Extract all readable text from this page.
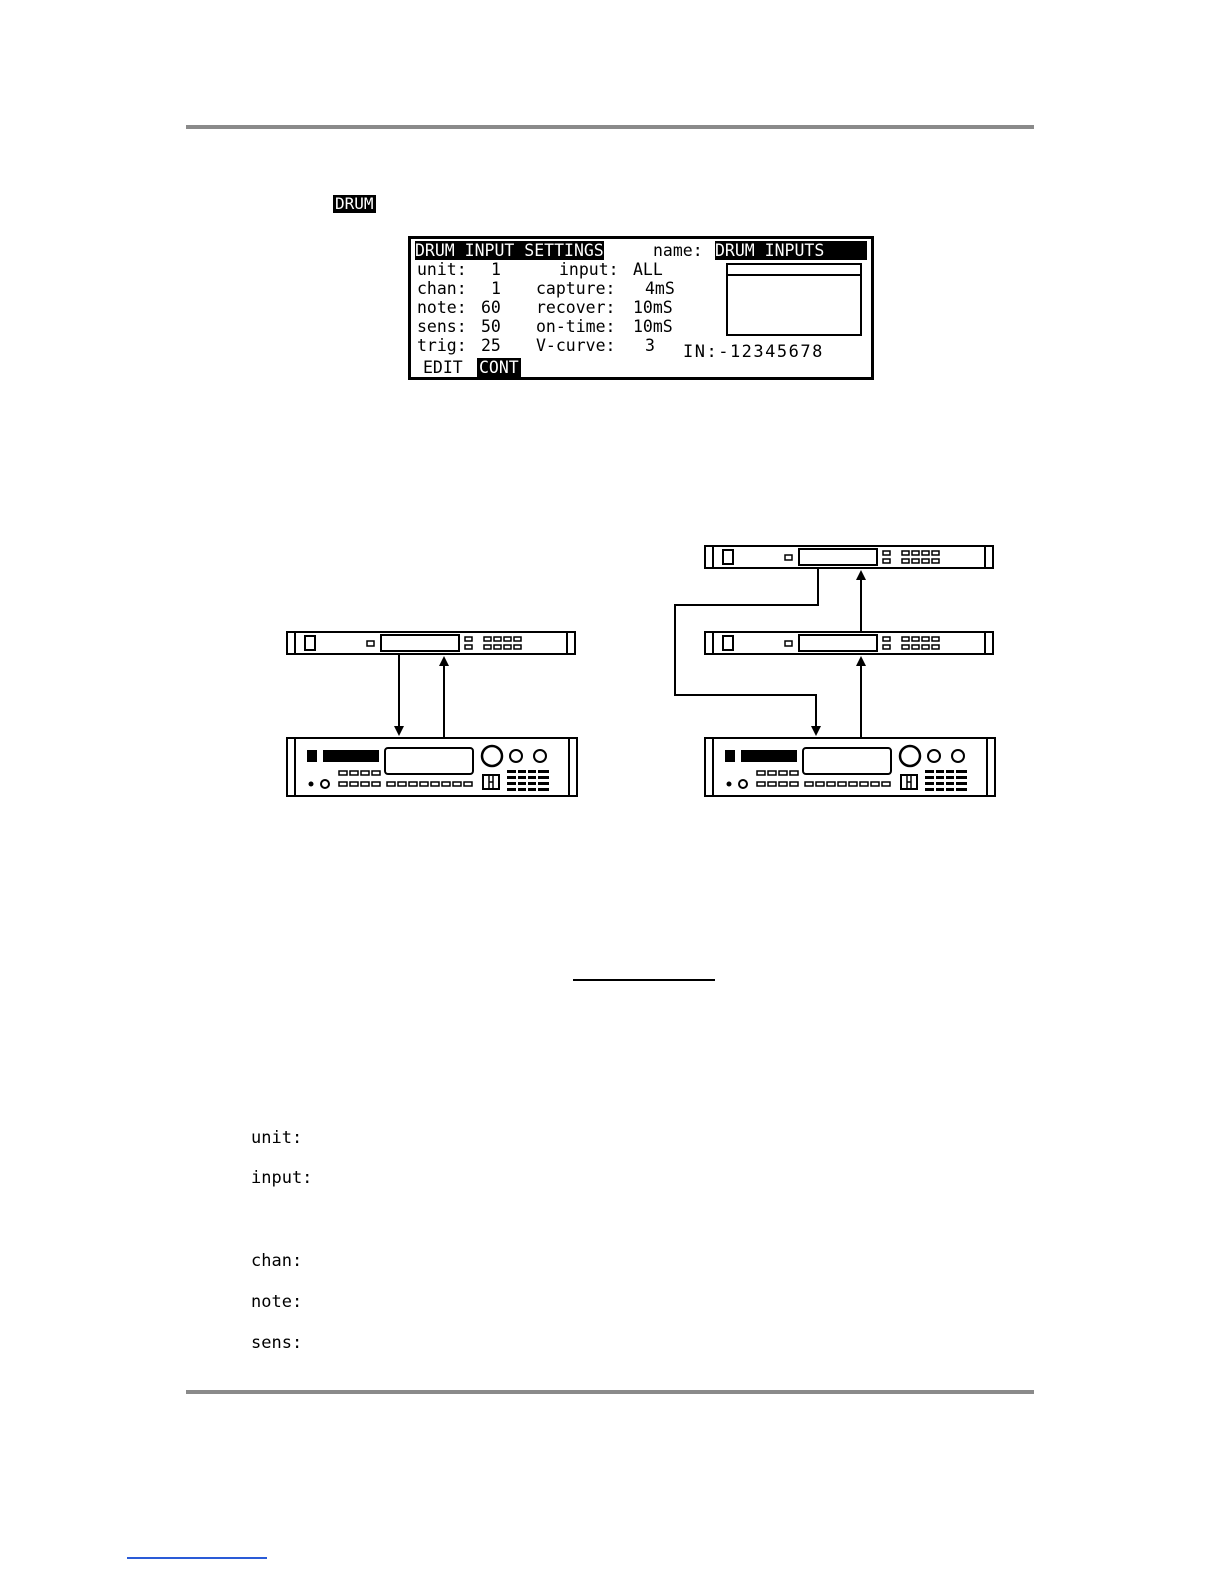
DRUM
DRUM INPUT SETTINGS	name: DRUM INPUTS
unit: 1
chan: 1
note: 60
sens: 50
trig: 25
input: ALL
capture: 4mS
recover: 10mS
on-time: 10mS
V-curve: 3 IN:-12345678
EDIT CONT
unit:
input:
chan:
note:
sens:
